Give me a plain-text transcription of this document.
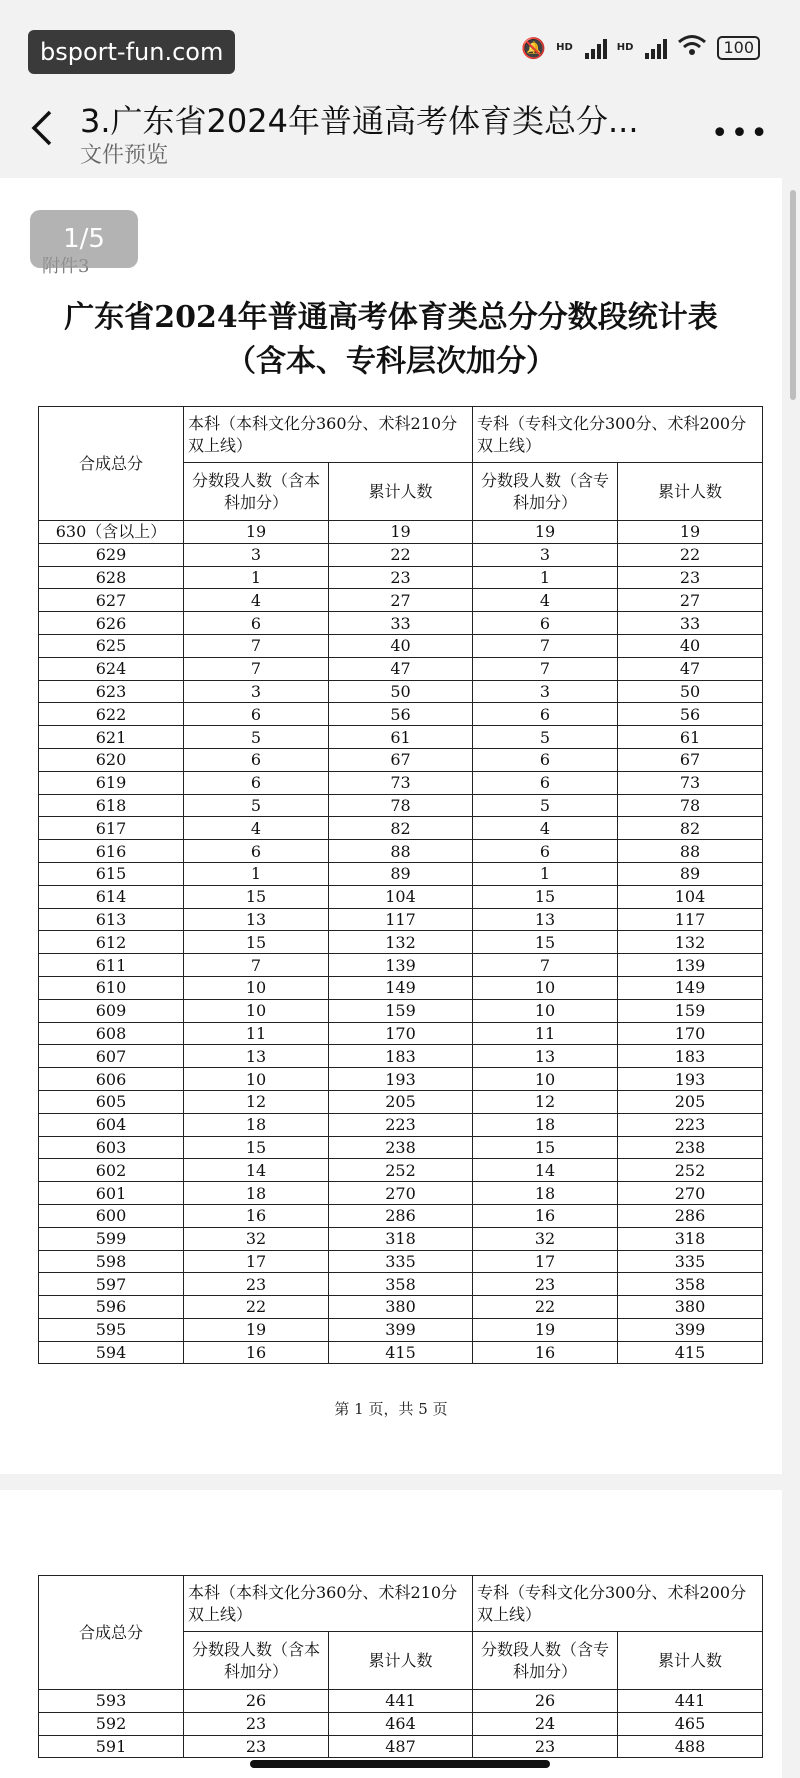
bsport-fun.com	🔕 HD	HD	100
3.广东省2024年普通高考体育类总分...
文件预览
•••
1/5
广东省2024年普通高考体育类总分分数段统计表
（含本、专科层次加分）
合成总分	本科（本科文化分360分、术科210分双上线）		专科（专科文化分300分、术科200分双上线）	
	分数段人数（含本科加分）	累计人数	分数段人数（含专科加分）	累计人数
630（含以上）	19	19	19	19
629	3	22	3	22
628	1	23	1	23
627	4	27	4	27
626	6	33	6	33
625	7	40	7	40
624	7	47	7	47
623	3	50	3	50
622	6	56	6	56
621	5	61	5	61
620	6	67	6	67
619	6	73	6	73
618	5	78	5	78
617	4	82	4	82
616	6	88	6	88
615	1	89	1	89
614	15	104	15	104
613	13	117	13	117
612	15	132	15	132
611	7	139	7	139
610	10	149	10	149
609	10	159	10	159
608	11	170	11	170
607	13	183	13	183
606	10	193	10	193
605	12	205	12	205
604	18	223	18	223
603	15	238	15	238
602	14	252	14	252
601	18	270	18	270
600	16	286	16	286
599	32	318	32	318
598	17	335	17	335
597	23	358	23	358
596	22	380	22	380
595	19	399	19	399
594	16	415	16	415
第 1 页，共 5 页
合成总分	本科（本科文化分360分、术科210分双上线）		专科（专科文化分300分、术科200分双上线）	
	分数段人数（含本科加分）	累计人数	分数段人数（含专科加分）	累计人数
593	26	441	26	441
592	23	464	24	465
591	23	487	23	488
